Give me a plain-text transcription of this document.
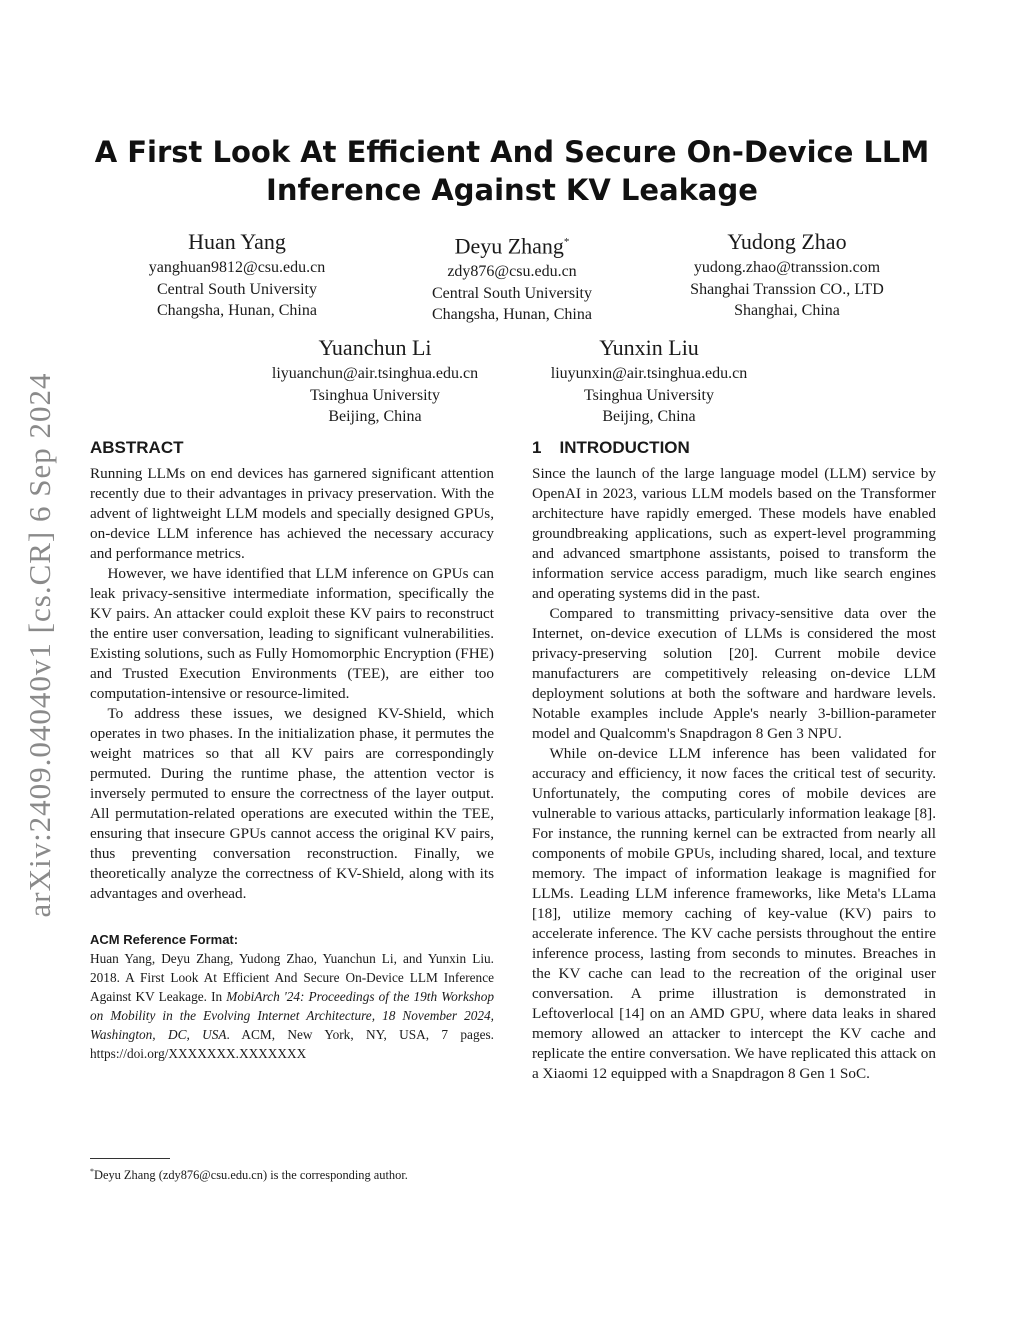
arXiv:2409.04040v1 [cs.CR] 6 Sep 2024
A First Look At Efficient And Secure On-Device LLM Inference Against KV Leakage
Huan Yang
yanghuan9812@csu.edu.cn
Central South University
Changsha, Hunan, China
Deyu Zhang*
zdy876@csu.edu.cn
Central South University
Changsha, Hunan, China
Yudong Zhao
yudong.zhao@transsion.com
Shanghai Transsion CO., LTD
Shanghai, China
Yuanchun Li
liyuanchun@air.tsinghua.edu.cn
Tsinghua University
Beijing, China
Yunxin Liu
liuyunxin@air.tsinghua.edu.cn
Tsinghua University
Beijing, China
ABSTRACT

Running LLMs on end devices has garnered significant attention recently due to their advantages in privacy preservation. With the advent of lightweight LLM models and specially designed GPUs, on-device LLM inference has achieved the necessary accuracy and performance metrics.

However, we have identified that LLM inference on GPUs can leak privacy-sensitive intermediate information, specifically the KV pairs. An attacker could exploit these KV pairs to reconstruct the entire user conversation, leading to significant vulnerabilities. Existing solutions, such as Fully Homomorphic Encryption (FHE) and Trusted Execution Environments (TEE), are either too computation-intensive or resource-limited.

To address these issues, we designed KV-Shield, which operates in two phases. In the initialization phase, it permutes the weight matrices so that all KV pairs are correspondingly permuted. During the runtime phase, the attention vector is inversely permuted to ensure the correctness of the layer output. All permutation-related operations are executed within the TEE, ensuring that insecure GPUs cannot access the original KV pairs, thus preventing conversation reconstruction. Finally, we theoretically analyze the correctness of KV-Shield, along with its advantages and overhead.

ACM Reference Format:
Huan Yang, Deyu Zhang, Yudong Zhao, Yuanchun Li, and Yunxin Liu. 2018. A First Look At Efficient And Secure On-Device LLM Inference Against KV Leakage. In MobiArch '24: Proceedings of the 19th Workshop on Mobility in the Evolving Internet Architecture, 18 November 2024, Washington, DC, USA. ACM, New York, NY, USA, 7 pages. https://doi.org/XXXXXXX.XXXXXXX
1 INTRODUCTION

Since the launch of the large language model (LLM) service by OpenAI in 2023, various LLM models based on the Transformer architecture have rapidly emerged. These models have enabled groundbreaking applications, such as expert-level programming and advanced smartphone assistants, poised to transform the information service access paradigm, much like search engines and operating systems did in the past.

Compared to transmitting privacy-sensitive data over the Internet, on-device execution of LLMs is considered the most privacy-preserving solution [20]. Current mobile device manufacturers are competitively releasing on-device LLM deployment solutions at both the software and hardware levels. Notable examples include Apple's nearly 3-billion-parameter model and Qualcomm's Snapdragon 8 Gen 3 NPU.

While on-device LLM inference has been validated for accuracy and efficiency, it now faces the critical test of security. Unfortunately, the computing cores of mobile devices are vulnerable to various attacks, particularly information leakage [8]. For instance, the running kernel can be extracted from nearly all components of mobile GPUs, including shared, local, and texture memory. The impact of information leakage is magnified for LLMs. Leading LLM inference frameworks, like Meta's LLama [18], utilize memory caching of key-value (KV) pairs to accelerate inference. The KV cache persists throughout the entire inference process, lasting from seconds to minutes. Breaches in the KV cache can lead to the recreation of the original user conversation. A prime illustration is demonstrated in Leftoverlocal [14] on an AMD GPU, where data leaks in shared memory allowed an attacker to intercept the KV cache and replicate the entire conversation. We have replicated this attack on a Xiaomi 12 equipped with a Snapdragon 8 Gen 1 SoC.

*Deyu Zhang (zdy876@csu.edu.cn) is the corresponding author.
